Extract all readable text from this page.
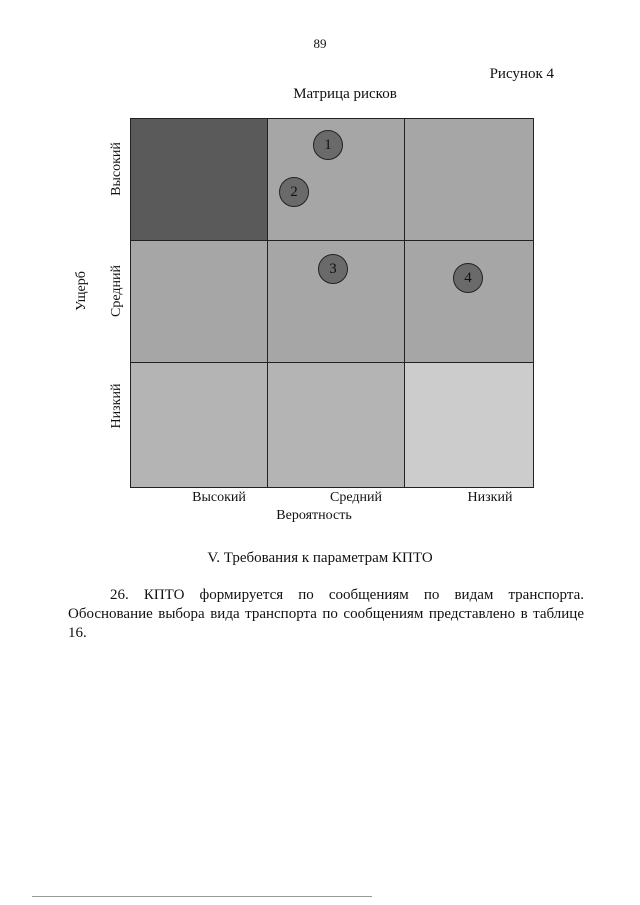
89
Рисунок 4
Матрица рисков
Ущерб
Высокий
Средний
Низкий
1
2
3
4
Высокий	Средний	Низкий
Вероятность
V. Требования к параметрам КПТО
26. КПТО формируется по сообщениям по видам транспорта. Обоснование выбора вида транспорта по сообщениям представлено в таблице 16.
